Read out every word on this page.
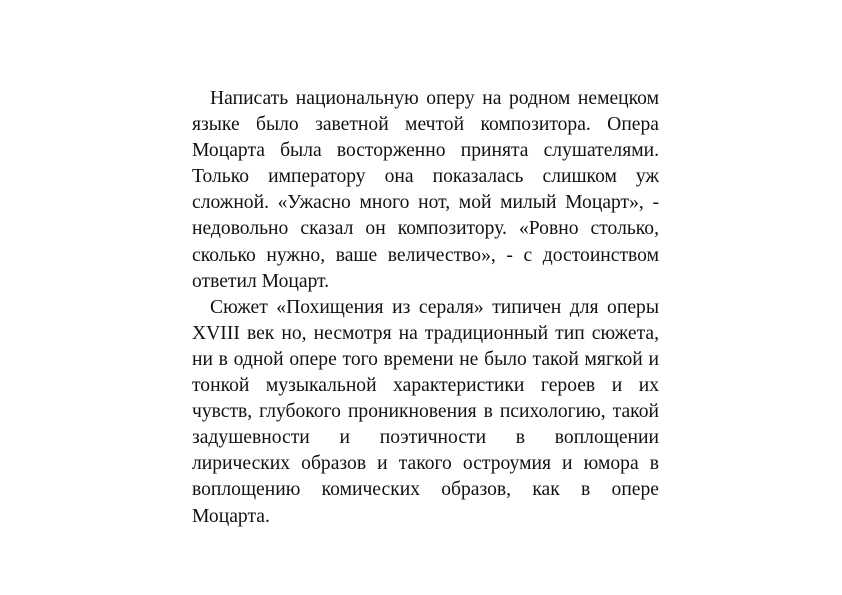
Написать национальную оперу на родном немецком языке было заветной мечтой композитора. Опера Моцарта была восторженно принята слушателями. Только императору она показалась слишком уж сложной. «Ужасно много нот, мой милый Моцарт», - недовольно сказал он композитору. «Ровно столько, сколько нужно, ваше величество», - с достоинством ответил Моцарт.

Сюжет «Похищения из сераля» типичен для оперы XVIII век но, несмотря на традиционный тип сюжета, ни в одной опере того времени не было такой мягкой и тонкой музыкальной характеристики героев и их чувств, глубокого проникновения в психологию, такой задушевности и поэтичности в воплощении лирических образов и такого остроумия и юмора в воплощению комических образов, как в опере Моцарта.
